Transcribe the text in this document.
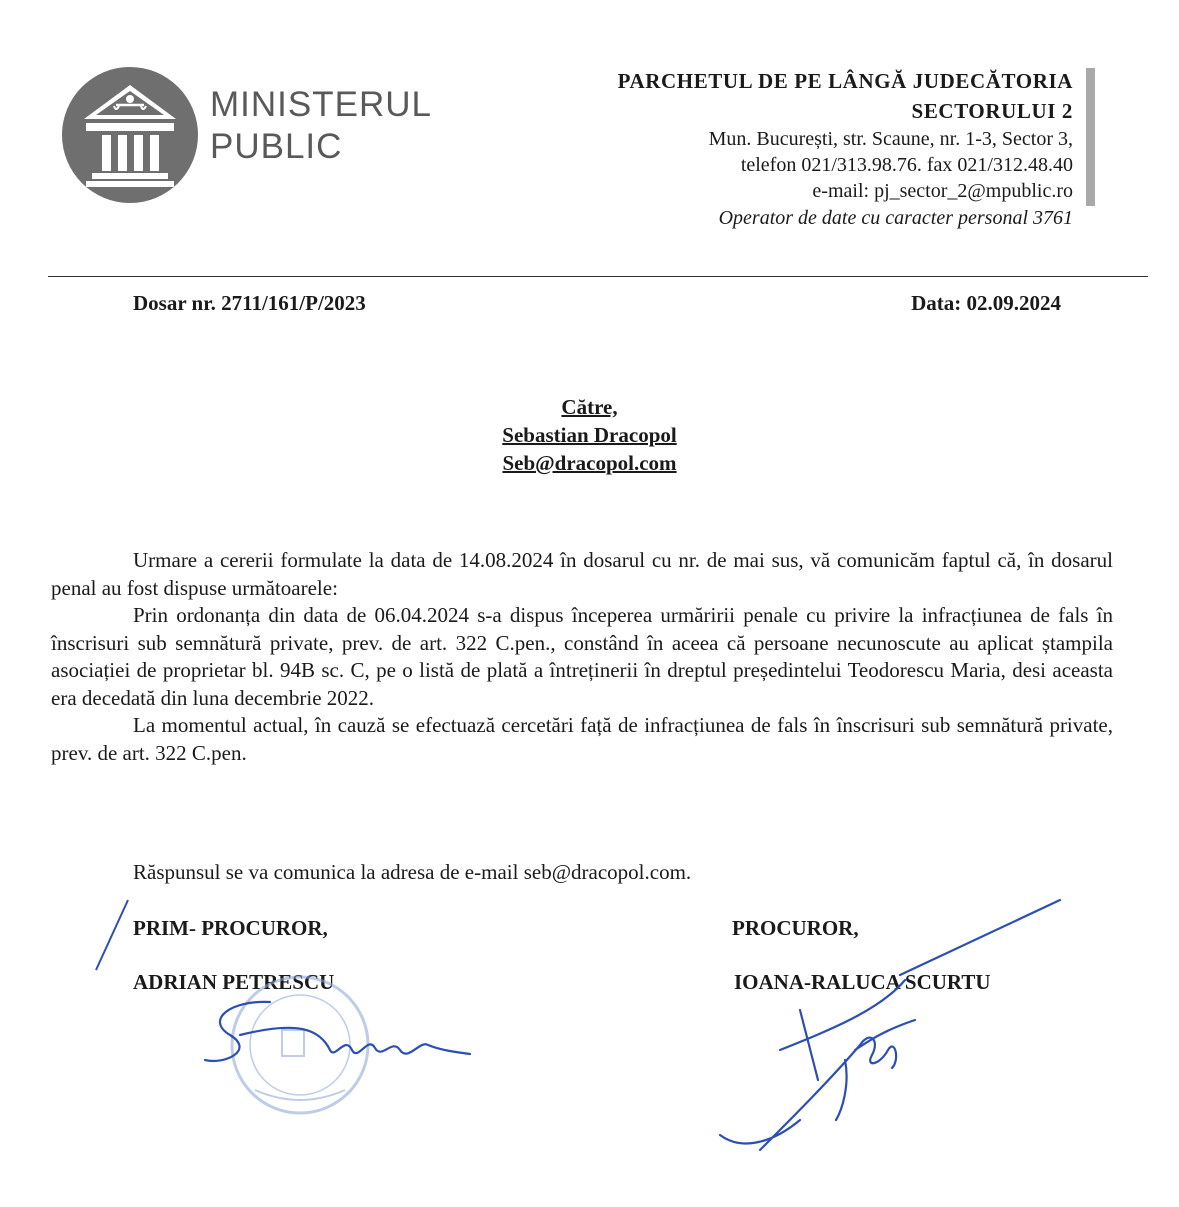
MINISTERUL
PUBLIC
PARCHETUL DE PE LÂNGĂ JUDECĂTORIA
SECTORULUI 2
Mun. București, str. Scaune, nr. 1-3, Sector 3,
telefon 021/313.98.76. fax 021/312.48.40
e-mail: pj_sector_2@mpublic.ro
Operator de date cu caracter personal 3761
Dosar nr. 2711/161/P/2023	Data: 02.09.2024
Către,
Sebastian Dracopol
Seb@dracopol.com

Urmare a cererii formulate la data de 14.08.2024 în dosarul cu nr. de mai sus, vă comunicăm faptul că, în dosarul penal au fost dispuse următoarele:

Prin ordonanța din data de 06.04.2024 s-a dispus începerea urmăririi penale cu privire la infracțiunea de fals în înscrisuri sub semnătură private, prev. de art. 322 C.pen., constând în aceea că persoane necunoscute au aplicat ștampila asociației de proprietar bl. 94B sc. C, pe o listă de plată a întreținerii în dreptul președintelui Teodorescu Maria, desi aceasta era decedată din luna decembrie 2022.

La momentul actual, în cauză se efectuază cercetări față de infracțiunea de fals în înscrisuri sub semnătură private, prev. de art. 322 C.pen.

Răspunsul se va comunica la adresa de e-mail seb@dracopol.com.
PRIM- PROCUROR,
ADRIAN PETRESCU
PROCUROR,
IOANA-RALUCA SCURTU
